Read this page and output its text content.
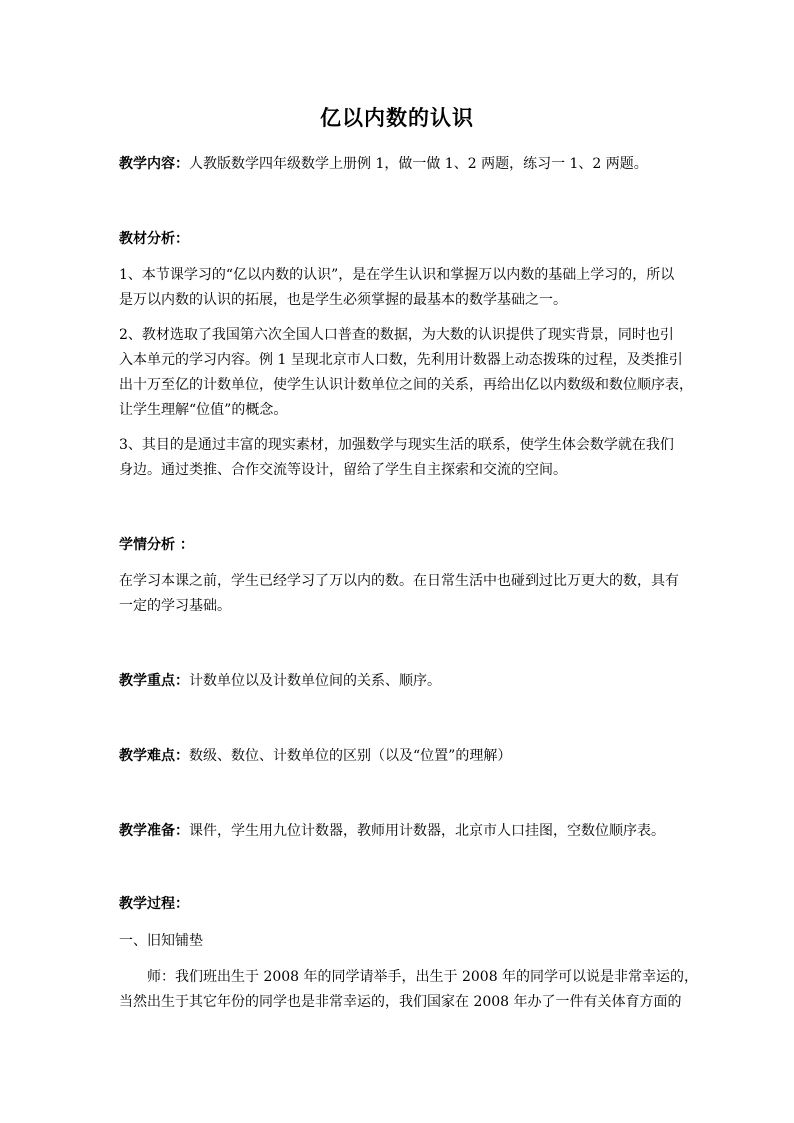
亿以内数的认识
教学内容：人教版数学四年级数学上册例 1，做一做 1、2 两题，练习一 1、2 两题。
教材分析：
1、本节课学习的“亿以内数的认识”，是在学生认识和掌握万以内数的基础上学习的，所以
是万以内数的认识的拓展，也是学生必须掌握的最基本的数学基础之一。
2、教材选取了我国第六次全国人口普查的数据，为大数的认识提供了现实背景，同时也引
入本单元的学习内容。例 1 呈现北京市人口数，先利用计数器上动态拨珠的过程，及类推引
出十万至亿的计数单位，使学生认识计数单位之间的关系，再给出亿以内数级和数位顺序表，
让学生理解“位值”的概念。
3、其目的是通过丰富的现实素材，加强数学与现实生活的联系，使学生体会数学就在我们
身边。通过类推、合作交流等设计，留给了学生自主探索和交流的空间。
学情分析 ：
在学习本课之前，学生已经学习了万以内的数。在日常生活中也碰到过比万更大的数，具有
一定的学习基础。
教学重点：计数单位以及计数单位间的关系、顺序。
教学难点：数级、数位、计数单位的区别（以及“位置”的理解）
教学准备：课件，学生用九位计数器，教师用计数器，北京市人口挂图，空数位顺序表。
教学过程：
一、旧知铺垫
师：我们班出生于 2008 年的同学请举手，出生于 2008 年的同学可以说是非常幸运的，
当然出生于其它年份的同学也是非常幸运的，我们国家在 2008 年办了一件有关体育方面的
